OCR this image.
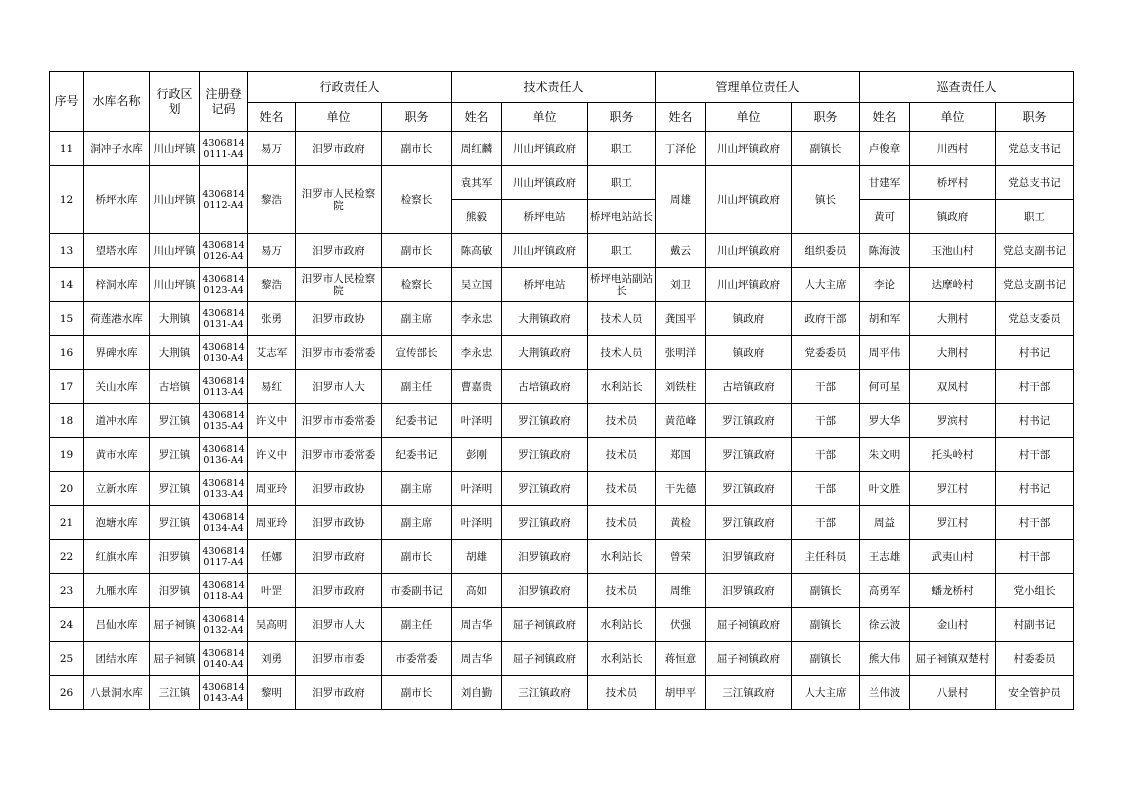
序号	水库名称	行政区划	注册登记码	行政责任人			技术责任人			管理单位责任人			巡查责任人		
				姓名	单位	职务	姓名	单位	职务	姓名	单位	职务	姓名	单位	职务
11	洞冲子水库	川山坪镇	43068140111-A4	易万	汨罗市政府	副市长	周红麟	川山坪镇政府	职工	丁泽伦	川山坪镇政府	副镇长	卢俊章	川西村	党总支书记
12	桥坪水库	川山坪镇	43068140112-A4	黎浩	汨罗市人民检察院	检察长	袁其军	川山坪镇政府	职工	周雄	川山坪镇政府	镇长	甘建军	桥坪村	党总支书记
							熊毅	桥坪电站	桥坪电站站长				黄可	镇政府	职工
13	望塔水库	川山坪镇	43068140126-A4	易万	汨罗市政府	副市长	陈高敏	川山坪镇政府	职工	戴云	川山坪镇政府	组织委员	陈海波	玉池山村	党总支副书记
14	梓洞水库	川山坪镇	43068140123-A4	黎浩	汨罗市人民检察院	检察长	吴立国	桥坪电站	桥坪电站副站长	刘卫	川山坪镇政府	人大主席	李论	达摩岭村	党总支副书记
15	荷莲港水库	大荆镇	43068140131-A4	张勇	汨罗市政协	副主席	李永忠	大荆镇政府	技术人员	龚国平	镇政府	政府干部	胡和军	大荆村	党总支委员
16	界碑水库	大荆镇	43068140130-A4	艾志军	汨罗市市委常委	宣传部长	李永忠	大荆镇政府	技术人员	张明洋	镇政府	党委委员	周平伟	大荆村	村书记
17	关山水库	古培镇	43068140113-A4	易红	汨罗市人大	副主任	曹嘉贵	古培镇政府	水利站长	刘铁柱	古培镇政府	干部	何可星	双凤村	村干部
18	道冲水库	罗江镇	43068140135-A4	许义中	汨罗市市委常委	纪委书记	叶泽明	罗江镇政府	技术员	黄范峰	罗江镇政府	干部	罗大华	罗滨村	村书记
19	黄市水库	罗江镇	43068140136-A4	许义中	汨罗市市委常委	纪委书记	彭刚	罗江镇政府	技术员	郑国	罗江镇政府	干部	朱文明	托头岭村	村干部
20	立新水库	罗江镇	43068140133-A4	周亚玲	汨罗市政协	副主席	叶泽明	罗江镇政府	技术员	干先德	罗江镇政府	干部	叶文胜	罗江村	村书记
21	泡塘水库	罗江镇	43068140134-A4	周亚玲	汨罗市政协	副主席	叶泽明	罗江镇政府	技术员	黄检	罗江镇政府	干部	周益	罗江村	村干部
22	红旗水库	汨罗镇	43068140117-A4	任娜	汨罗市政府	副市长	胡雄	汨罗镇政府	水利站长	曾荣	汨罗镇政府	主任科员	王志雄	武夷山村	村干部
23	九雁水库	汨罗镇	43068140118-A4	叶罡	汨罗市政府	市委副书记	高如	汨罗镇政府	技术员	周维	汨罗镇政府	副镇长	高勇军	蟠龙桥村	党小组长
24	吕仙水库	屈子祠镇	43068140132-A4	吴高明	汨罗市人大	副主任	周吉华	屈子祠镇政府	水利站长	伏强	屈子祠镇政府	副镇长	徐云波	金山村	村副书记
25	团结水库	屈子祠镇	43068140140-A4	刘勇	汨罗市市委	市委常委	周吉华	屈子祠镇政府	水利站长	蒋恒意	屈子祠镇政府	副镇长	熊大伟	屈子祠镇双楚村	村委委员
26	八景洞水库	三江镇	43068140143-A4	黎明	汨罗市政府	副市长	刘自勤	三江镇政府	技术员	胡甲平	三江镇政府	人大主席	兰伟波	八景村	安全管护员
